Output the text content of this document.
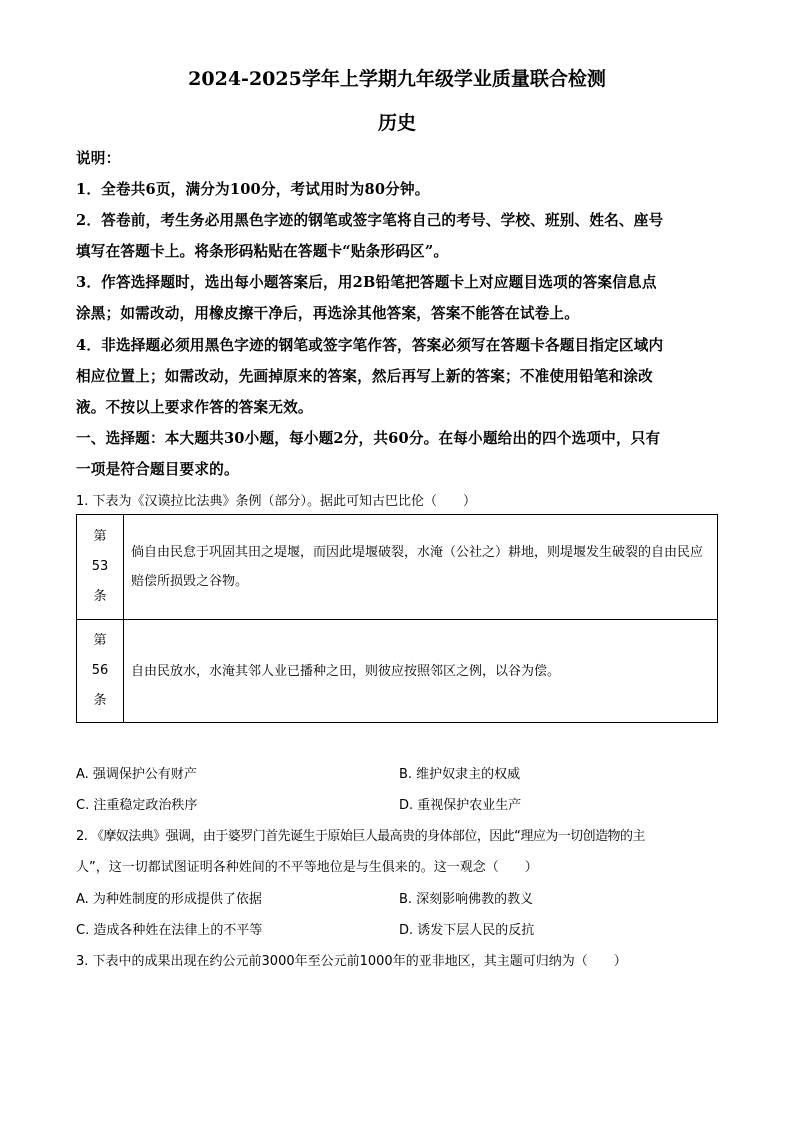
2024-2025学年上学期九年级学业质量联合检测
历史
说明：
1．全卷共6页，满分为100分，考试用时为80分钟。
2．答卷前，考生务必用黑色字迹的钢笔或签字笔将自己的考号、学校、班别、姓名、座号
填写在答题卡上。将条形码粘贴在答题卡“贴条形码区”。
3．作答选择题时，选出每小题答案后，用2B铅笔把答题卡上对应题目选项的答案信息点
涂黑；如需改动，用橡皮擦干净后，再选涂其他答案，答案不能答在试卷上。
4．非选择题必须用黑色字迹的钢笔或签字笔作答，答案必须写在答题卡各题目指定区域内
相应位置上；如需改动，先画掉原来的答案，然后再写上新的答案；不准使用铅笔和涂改
液。不按以上要求作答的答案无效。
一、选择题：本大题共30小题，每小题2分，共60分。在每小题给出的四个选项中，只有
一项是符合题目要求的。
1. 下表为《汉谟拉比法典》条例（部分）。据此可知古巴比伦（　　）
第
53
条	倘自由民怠于巩固其田之堤堰，而因此堤堰破裂，水淹（公社之）耕地，则堤堰发生破裂的自由民应赔偿所损毁之谷物。

第
56
条	自由民放水，水淹其邻人业已播种之田，则彼应按照邻区之例，以谷为偿。
A. 强调保护公有财产	B. 维护奴隶主的权威
C. 注重稳定政治秩序	D. 重视保护农业生产
2. 《摩奴法典》强调，由于婆罗门首先诞生于原始巨人最高贵的身体部位，因此“理应为一切创造物的主
人”，这一切都试图证明各种姓间的不平等地位是与生俱来的。这一观念（　　）
A. 为种姓制度的形成提供了依据	B. 深刻影响佛教的教义
C. 造成各种姓在法律上的不平等	D. 诱发下层人民的反抗
3. 下表中的成果出现在约公元前3000年至公元前1000年的亚非地区，其主题可归纳为（　　）
